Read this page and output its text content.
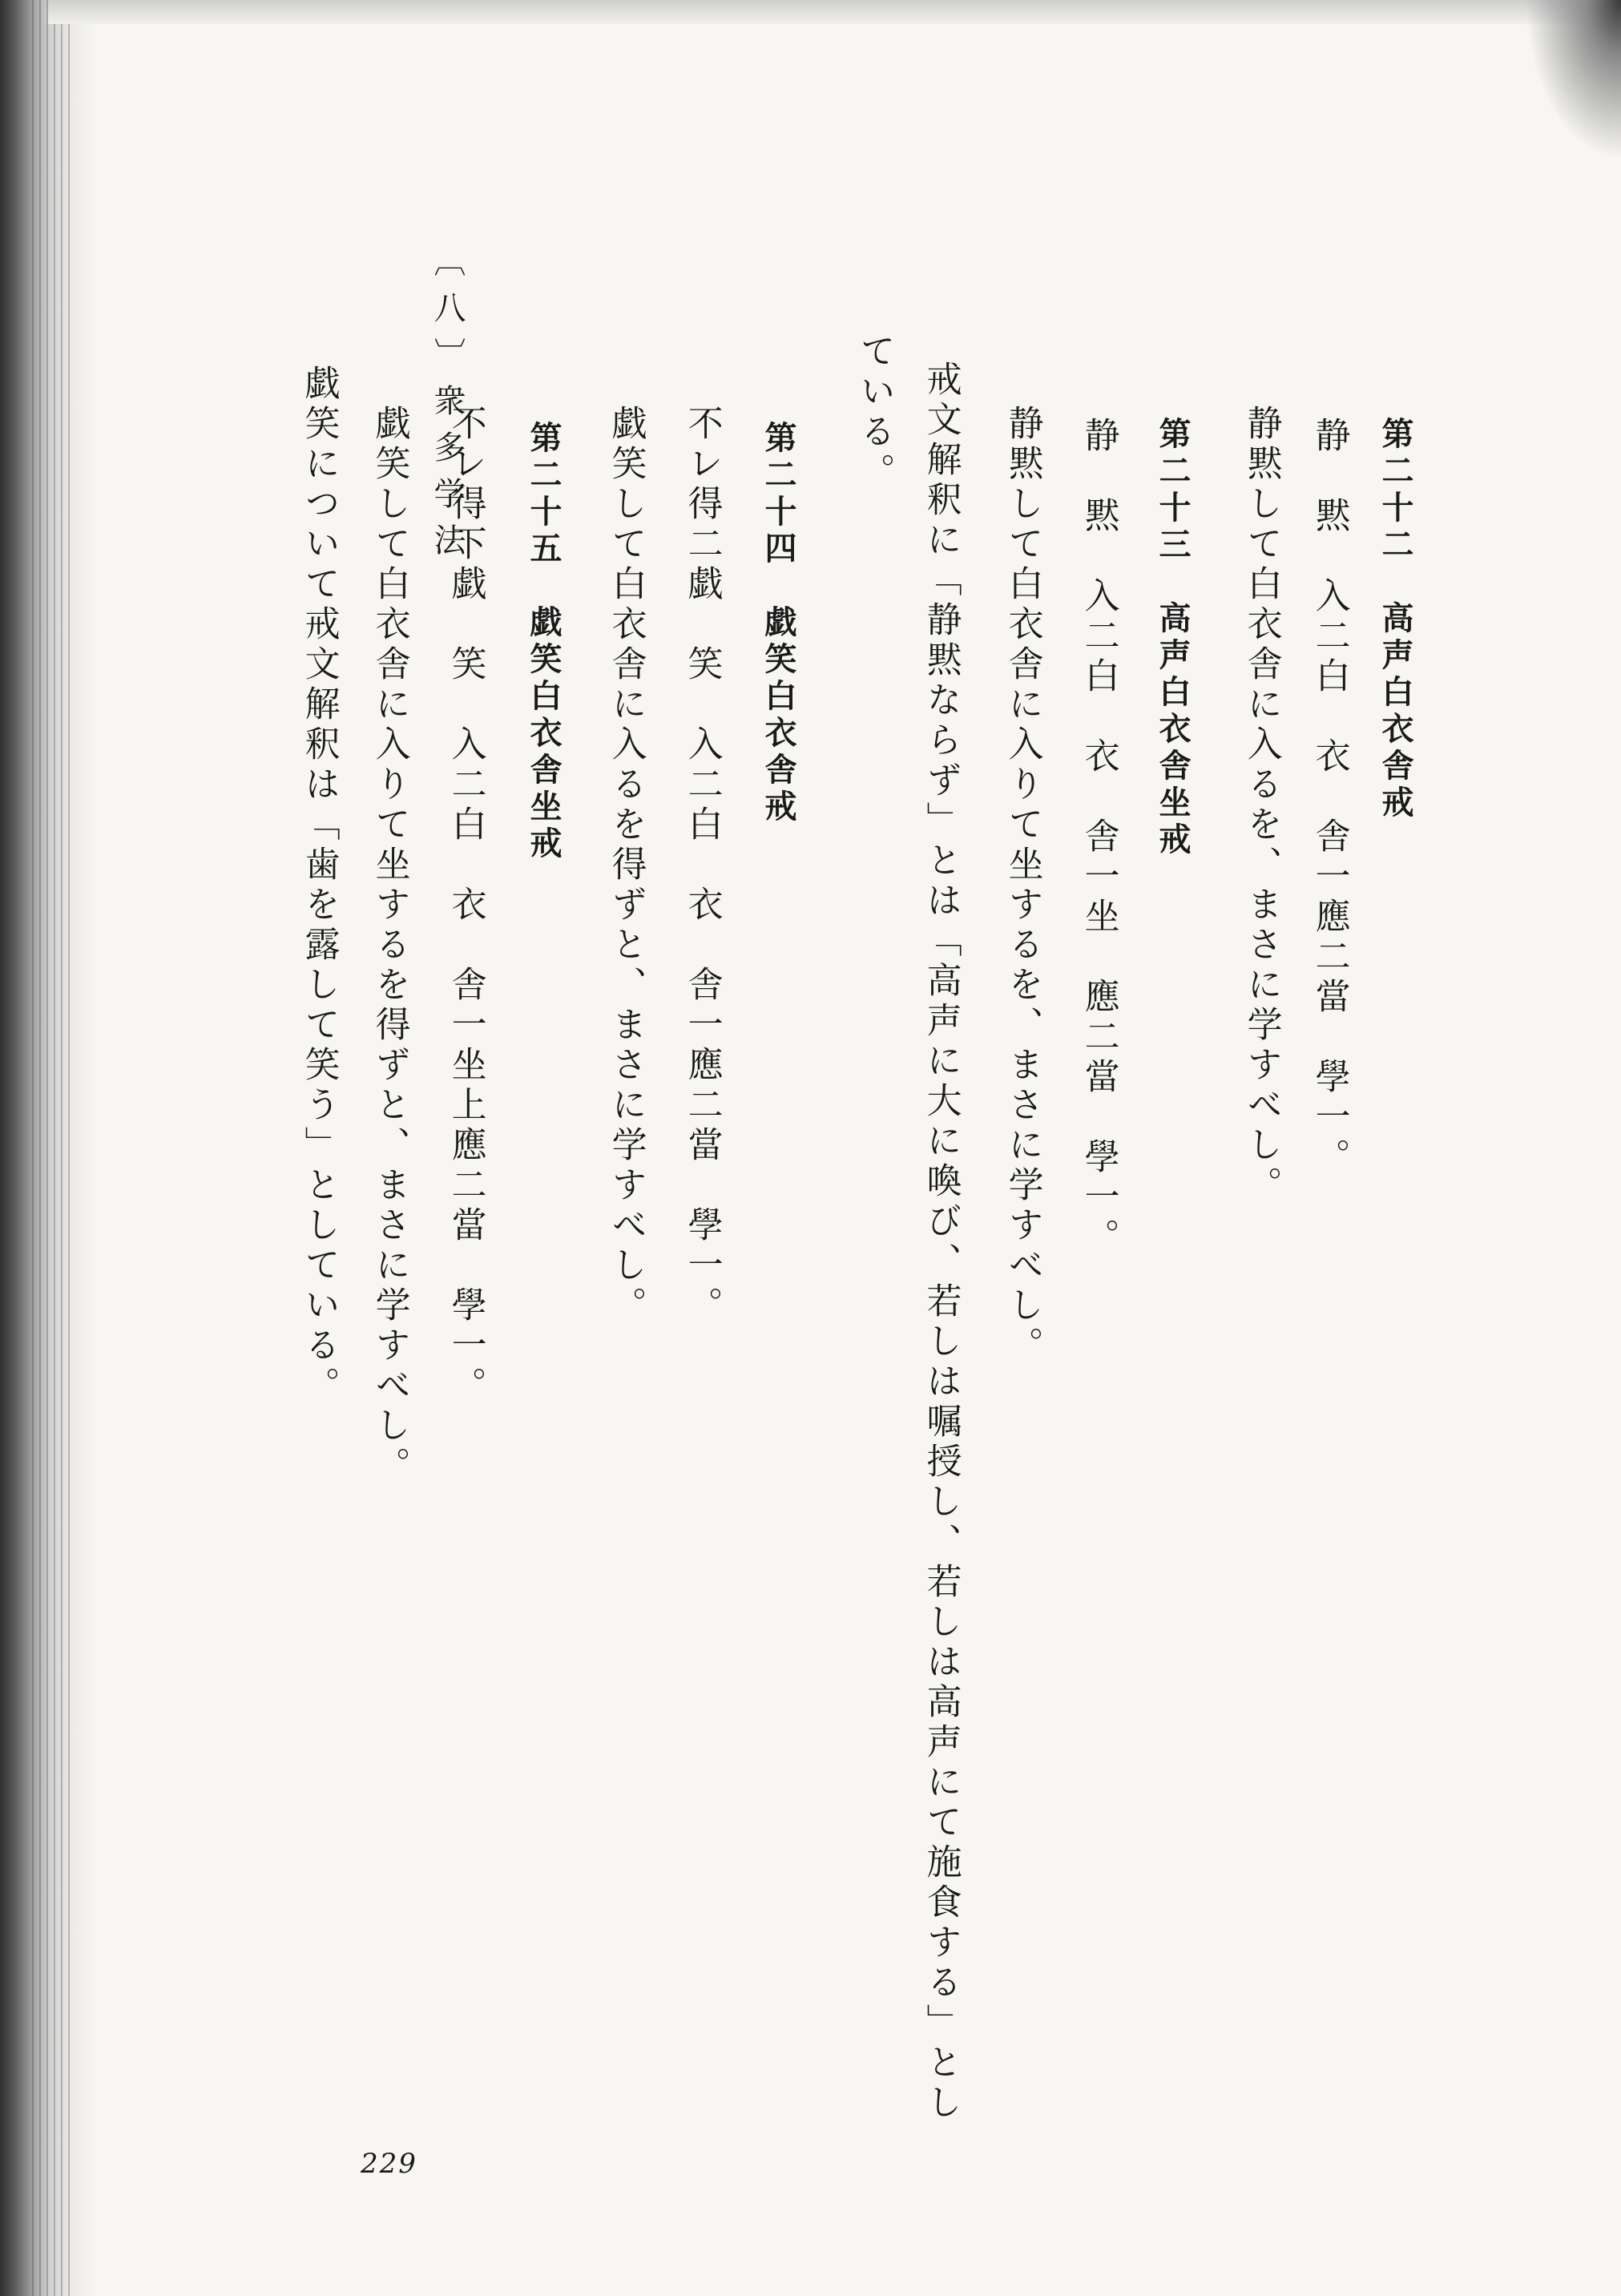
〔八〕衆多学法
第二十二　高声白衣舎戒
静　黙　入二白　衣　舎一應二當　學一。
静黙して白衣舎に入るを、まさに学すべし。
第二十三　高声白衣舎坐戒
静　黙　入二白　衣　舎一坐　應二當　學一。
静黙して白衣舎に入りて坐するを、まさに学すべし。
戒文解釈に「静黙ならず」とは「高声に大に喚び、若しは嘱授し、若しは高声にて施食する」とし
ている。
第二十四　戯笑白衣舎戒
不レ得二戯　笑　入二白　衣　舎一應二當　學一。
戯笑して白衣舎に入るを得ずと、まさに学すべし。
第二十五　戯笑白衣舎坐戒
不レ得下戯　笑　入二白　衣　舎一坐上應二當　學一。
戯笑して白衣舎に入りて坐するを得ずと、まさに学すべし。
戯笑について戒文解釈は「歯を露して笑う」としている。
229
